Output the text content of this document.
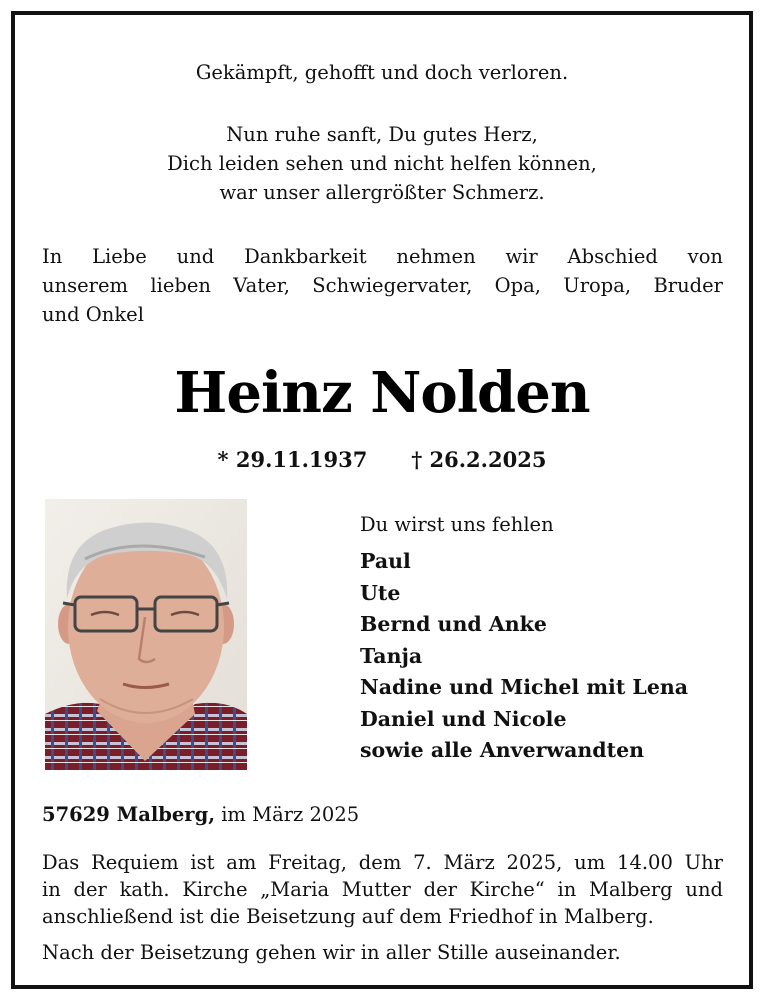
Gekämpft, gehofft und doch verloren.
Nun ruhe sanft, Du gutes Herz,
Dich leiden sehen und nicht helfen können,
war unser allergrößter Schmerz.
In Liebe und Dankbarkeit nehmen wir Abschied von
unserem lieben Vater, Schwiegervater, Opa, Uropa, Bruder
und Onkel
Heinz Nolden
* 29.11.1937 † 26.2.2025
Du wirst uns fehlen
Paul
Ute
Bernd und Anke
Tanja
Nadine und Michel mit Lena
Daniel und Nicole
sowie alle Anverwandten
57629 Malberg, im März 2025
Das Requiem ist am Freitag, dem 7. März 2025, um 14.00 Uhr
in der kath. Kirche „Maria Mutter der Kirche“ in Malberg und
anschließend ist die Beisetzung auf dem Friedhof in Malberg.
Nach der Beisetzung gehen wir in aller Stille auseinander.
